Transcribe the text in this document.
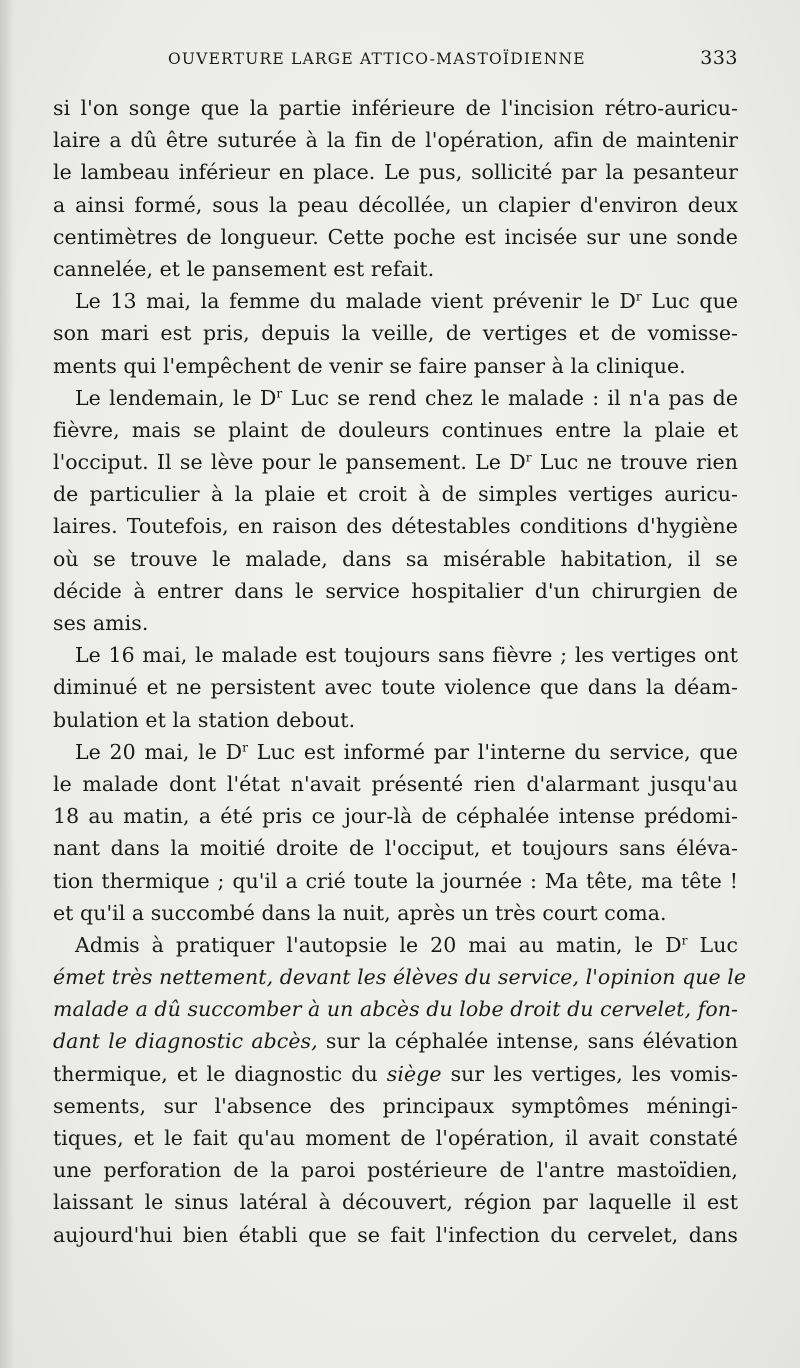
OUVERTURE LARGE ATTICO-MASTOÏDIENNE	333
si l'on songe que la partie inférieure de l'incision rétro-auricu-
laire a dû être suturée à la fin de l'opération, afin de maintenir
le lambeau inférieur en place. Le pus, sollicité par la pesanteur
a ainsi formé, sous la peau décollée, un clapier d'environ deux
centimètres de longueur. Cette poche est incisée sur une sonde
cannelée, et le pansement est refait.
Le 13 mai, la femme du malade vient prévenir le $D^r$ Luc que
son mari est pris, depuis la veille, de vertiges et de vomisse-
ments qui l'empêchent de venir se faire panser à la clinique.
Le lendemain, le $D^r$ Luc se rend chez le malade : il n'a pas de
fièvre, mais se plaint de douleurs continues entre la plaie et
l'occiput. Il se lève pour le pansement. Le $D^r$ Luc ne trouve rien
de particulier à la plaie et croit à de simples vertiges auricu-
laires. Toutefois, en raison des détestables conditions d'hygiène
où se trouve le malade, dans sa misérable habitation, il se
décide à entrer dans le service hospitalier d'un chirurgien de
ses amis.
Le 16 mai, le malade est toujours sans fièvre ; les vertiges ont
diminué et ne persistent avec toute violence que dans la déam-
bulation et la station debout.
Le 20 mai, le $D^r$ Luc est informé par l'interne du service, que
le malade dont l'état n'avait présenté rien d'alarmant jusqu'au
18 au matin, a été pris ce jour-là de céphalée intense prédomi-
nant dans la moitié droite de l'occiput, et toujours sans éléva-
tion thermique ; qu'il a crié toute la journée : Ma tête, ma tête !
et qu'il a succombé dans la nuit, après un très court coma.
Admis à pratiquer l'autopsie le 20 mai au matin, le $D^r$ Luc
émet très nettement, devant les élèves du service, l'opinion que le
malade a dû succomber à un abcès du lobe droit du cervelet, fon-
dant le diagnostic abcès, sur la céphalée intense, sans élévation
thermique, et le diagnostic du siège sur les vertiges, les vomis-
sements, sur l'absence des principaux symptômes méningi-
tiques, et le fait qu'au moment de l'opération, il avait constaté
une perforation de la paroi postérieure de l'antre mastoïdien,
laissant le sinus latéral à découvert, région par laquelle il est
aujourd'hui bien établi que se fait l'infection du cervelet, dans
